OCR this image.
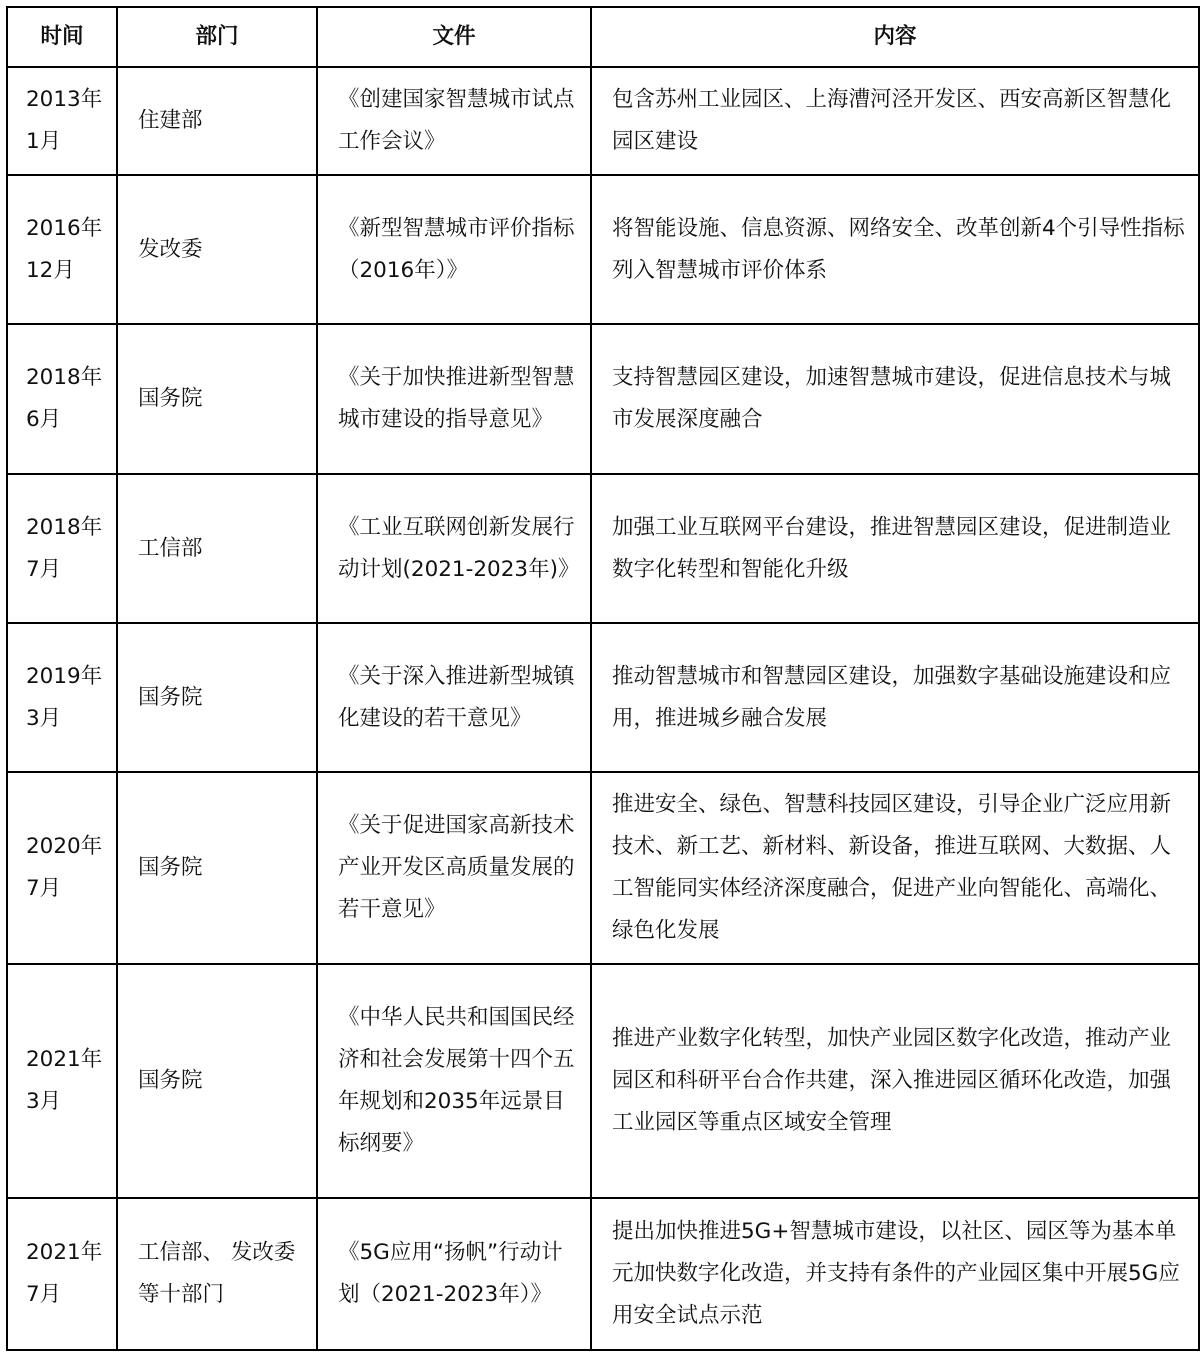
时间	部门	文件	内容
2013年1月	住建部	《创建国家智慧城市试点工作会议》	包含苏州工业园区、上海漕河泾开发区、西安高新区智慧化园区建设
2016年12月	发改委	《新型智慧城市评价指标（2016年）》	将智能设施、信息资源、网络安全、改革创新4个引导性指标列入智慧城市评价体系
2018年6月	国务院	《关于加快推进新型智慧城市建设的指导意见》	支持智慧园区建设，加速智慧城市建设，促进信息技术与城市发展深度融合
2018年7月	工信部	《工业互联网创新发展行动计划(2021-2023年)》	加强工业互联网平台建设，推进智慧园区建设，促进制造业数字化转型和智能化升级
2019年3月	国务院	《关于深入推进新型城镇化建设的若干意见》	推动智慧城市和智慧园区建设，加强数字基础设施建设和应用，推进城乡融合发展
2020年7月	国务院	《关于促进国家高新技术产业开发区高质量发展的若干意见》	推进安全、绿色、智慧科技园区建设，引导企业广泛应用新技术、新工艺、新材料、新设备，推进互联网、大数据、人工智能同实体经济深度融合，促进产业向智能化、高端化、绿色化发展
2021年3月	国务院	《中华人民共和国国民经济和社会发展第十四个五年规划和2035年远景目标纲要》	推进产业数字化转型，加快产业园区数字化改造，推动产业园区和科研平台合作共建，深入推进园区循环化改造，加强工业园区等重点区域安全管理
2021年7月	工信部、 发改委等十部门	《5G应用“扬帆”行动计划（2021-2023年）》	提出加快推进5G+智慧城市建设，以社区、园区等为基本单元加快数字化改造，并支持有条件的产业园区集中开展5G应用安全试点示范
